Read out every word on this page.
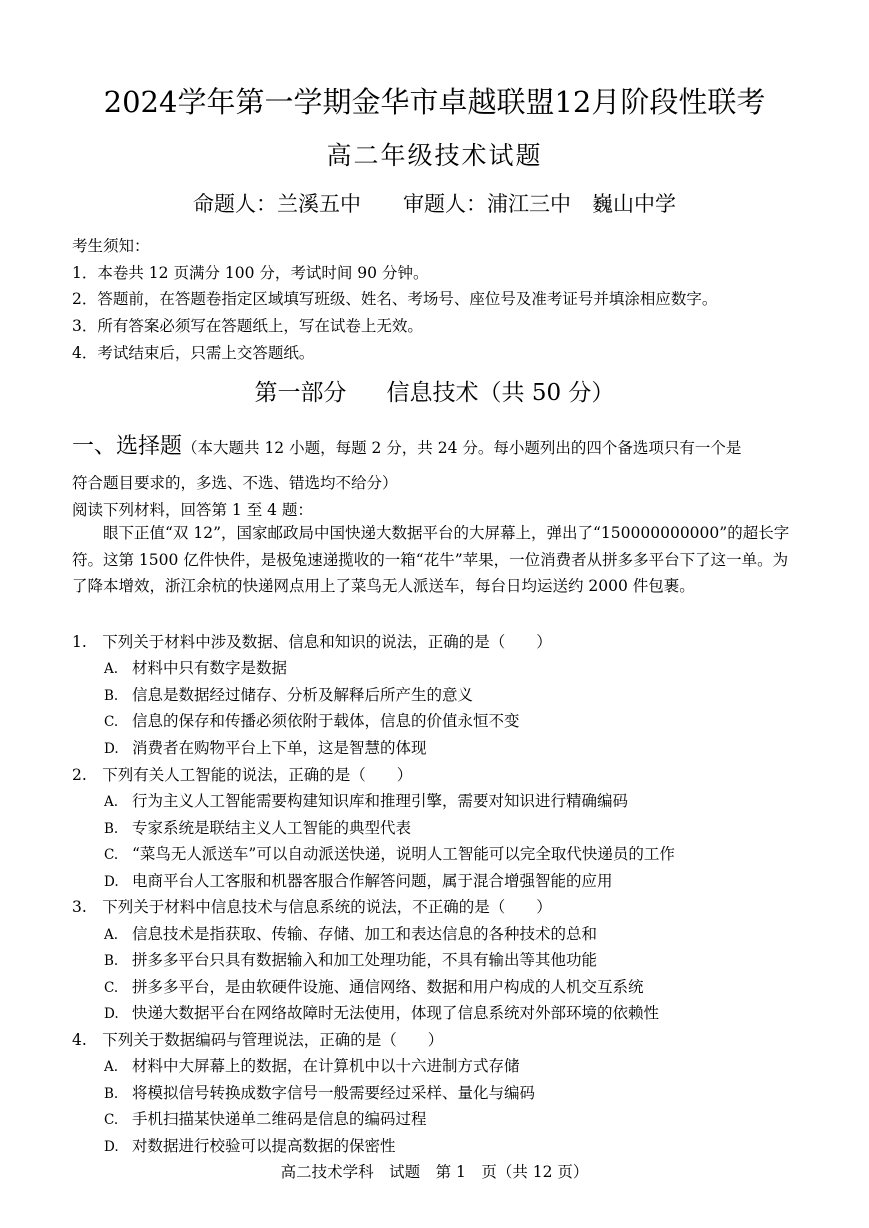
2024学年第一学期金华市卓越联盟12月阶段性联考
高二年级技术试题
命题人：兰溪五中 审题人：浦江三中　巍山中学

考生须知：

1．本卷共 12 页满分 100 分，考试时间 90 分钟。

2．答题前，在答题卷指定区域填写班级、姓名、考场号、座位号及准考证号并填涂相应数字。

3．所有答案必须写在答题纸上，写在试卷上无效。

4．考试结束后，只需上交答题纸。

第一部分 信息技术（共 50 分）

一、选择题（本大题共 12 小题，每题 2 分，共 24 分。每小题列出的四个备选项只有一个是

符合题目要求的，多选、不选、错选均不给分）

阅读下列材料，回答第 1 至 4 题：

　　眼下正值“双 12”，国家邮政局中国快递大数据平台的大屏幕上，弹出了“150000000000”的超长字符。这第 1500 亿件快件，是极兔速递揽收的一箱“花牛”苹果，一位消费者从拼多多平台下了这一单。为了降本增效，浙江余杭的快递网点用上了菜鸟无人派送车，每台日均运送约 2000 件包裹。

1.　下列关于材料中涉及数据、信息和知识的说法，正确的是（　　）

A. 材料中只有数字是数据

B. 信息是数据经过储存、分析及解释后所产生的意义

C. 信息的保存和传播必须依附于载体，信息的价值永恒不变

D. 消费者在购物平台上下单，这是智慧的体现

2.　下列有关人工智能的说法，正确的是（　　）

A. 行为主义人工智能需要构建知识库和推理引擎，需要对知识进行精确编码

B. 专家系统是联结主义人工智能的典型代表

C. “菜鸟无人派送车”可以自动派送快递，说明人工智能可以完全取代快递员的工作

D. 电商平台人工客服和机器客服合作解答问题，属于混合增强智能的应用

3.　下列关于材料中信息技术与信息系统的说法，不正确的是（　　）

A. 信息技术是指获取、传输、存储、加工和表达信息的各种技术的总和

B. 拼多多平台只具有数据输入和加工处理功能，不具有输出等其他功能

C. 拼多多平台，是由软硬件设施、通信网络、数据和用户构成的人机交互系统

D. 快递大数据平台在网络故障时无法使用，体现了信息系统对外部环境的依赖性

4.　下列关于数据编码与管理说法，正确的是（　　）

A. 材料中大屏幕上的数据，在计算机中以十六进制方式存储

B. 将模拟信号转换成数字信号一般需要经过采样、量化与编码

C. 手机扫描某快递单二维码是信息的编码过程

D. 对数据进行校验可以提高数据的保密性

高二技术学科　试题　第 1　页（共 12 页）
